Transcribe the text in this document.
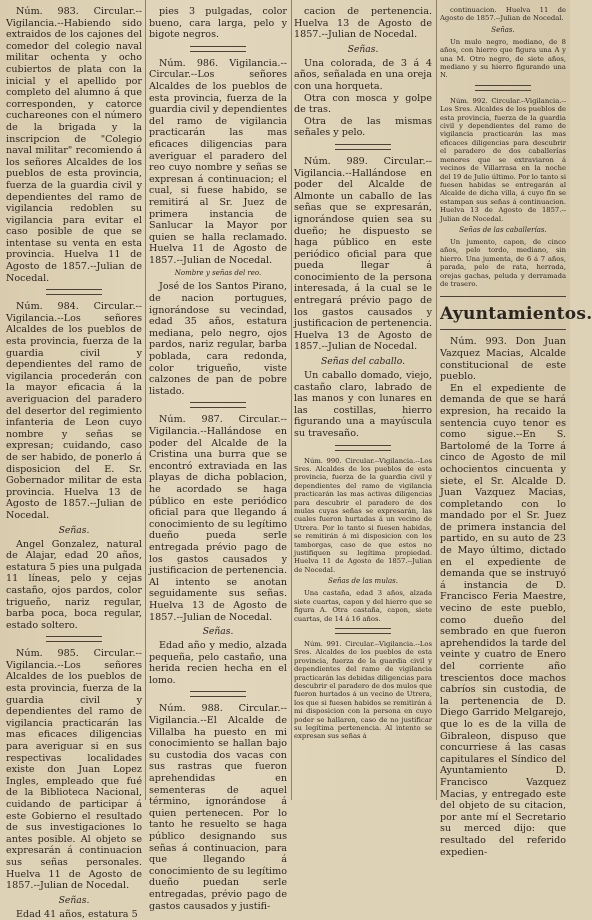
Núm. 983. Circular.--Vigilancia.--Habiendo sido extraidos de los cajones del comedor del colegio naval militar ochenta y ocho cubiertos de plata con la inicial y el apellido por completo del alumno á que corresponden, y catorce cuchareones con el número de la brigada y la inscripcion de "Colegio naval militar" recomiendo á los señores Alcaldes de los pueblos de esta provincia, fuerza de la guardia civil y dependientes del ramo de vigilancia redoblen su vigilancia para evitar el caso posible de que se intentase su venta en esta provincia. Huelva 11 de Agosto de 1857.--Julian de Nocedal.

Núm. 984. Circular.--Vigilancia.--Los señores Alcaldes de los pueblos de esta provincia, fuerza de la guardia civil y dependientes del ramo de vigilancia procederán con la mayor eficacia á la averiguacion del paradero del desertor del regimiento infanteria de Leon cuyo nombre y señas se expresan; cuidando, caso de ser habido, de ponerlo á disposicion del E. Sr. Gobernador militar de esta provincia. Huelva 13 de Agosto de 1857.--Julian de Nocedal.

Señas.

Angel Gonzalez, natural de Alajar, edad 20 años, estatura 5 pies una pulgada 11 líneas, pelo y cejas castaño, ojos pardos, color trigueño, nariz regular, barba poca, boca regular, estado soltero.

Núm. 985. Circular.--Vigilancia.--Los señores Alcaldes de los pueblos de esta provincia, fuerza de la guardia civil y dependientes del ramo de vigilancia practicarán las mas eficaces diligencias para averiguar si en sus respectivas localidades existe don Juan Lopez Ingles, empleado que fué de la Biblioteca Nacional, cuidando de participar á este Gobierno el resultado de sus investigaciones lo antes posible. Al objeto se expresarán á continuacion sus señas personales. Huelva 11 de Agosto de 1857.--Julian de Nocedal.

Señas.

Edad 41 años, estatura 5

pies 3 pulgadas, color bueno, cara larga, pelo y bigote negros.

Núm. 986. Vigilancia.--Circular.--Los señores Alcaldes de los pueblos de esta provincia, fuerza de la guardia civil y dependientes del ramo de vigilancia practicarán las mas eficaces diligencias para averiguar el paradero del reo cuyo nombre y señas se expresan á continuacion; el cual, si fuese habido, se remitirá al Sr. Juez de primera instancia de Sanlucar la Mayor por quien se halla reclamado. Huelva 11 de Agosto de 1857.--Julian de Nocedal.

Nombre y señas del reo.

José de los Santos Pirano, de nacion portugues, ignorándose su vecindad, edad 35 años, estatura mediana, pelo negro, ojos pardos, nariz regular, barba poblada, cara redonda, color trigueño, viste calzones de pan de pobre listado.

Núm. 987. Circular.--Vigilancia.--Hallándose en poder del Alcalde de la Cristina una burra que se encontró extraviada en las playas de dicha poblacion, he acordado se haga público en este periódico oficial para que llegando á conocimiento de su legítimo dueño pueda serle entregada prévio pago de los gastos causados y justificacion de pertenencia. Al intento se anotan seguidamente sus señas. Huelva 13 de Agosto de 1857.--Julian de Nocedal.

Señas.

Edad año y medio, alzada pequeña, pelo castaño, una herida recien hecha en el lomo.

Núm. 988. Circular.--Vigilancia.--El Alcalde de Villalba ha puesto en mi conocimiento se hallan bajo su custodia dos vacas con sus rastras que fueron aprehendidas en sementeras de aquel término, ignorándose á quien pertenecen. Por lo tanto he resuelto se haga público designando sus señas á continuacion, para que llegando á conocimiento de su legítimo dueño puedan serle entregadas, prévio pago de gastos causados y justifi-

cacion de pertenencia. Huelva 13 de Agosto de 1857.--Julian de Nocedal.

Señas.

Una colorada, de 3 á 4 años, señalada en una oreja con una horqueta.

Otra con mosca y golpe de tras.

Otra de las mismas señales y pelo.

Núm. 989. Circular.--Vigilancia.--Hallándose en poder del Alcalde de Almonte un caballo de las señas que se expresarán, ignorándose quien sea su dueño; he dispuesto se haga público en este periódico oficial para que pueda llegar á conocimiento de la persona interesada, á la cual se le entregará prévio pago de los gastos causados y justificacion de pertenencia. Huelva 13 de Agosto de 1857.--Julian de Nocedal.

Señas del caballo.

Un caballo domado, viejo, castaño claro, labrado de las manos y con lunares en las costillas, hierro figurando una a mayúscula su travesaño.

Núm. 990. Circular.--Vigilancia.--Los Sres. Alcaldes de los pueblos de esta provincia, fuerza de la guardia civil y dependientes del ramo de vigilancia practicarán las mas activas diligencias para descubrir el paradero de dos mulas cuyas señas se expresarán, las cuales fueron hurtadas á un vecino de Utrera. Por lo tanto si fuesen habidas, se remitirán á mi disposicion con los tamborgas, caso de que estos no justifiquen su legítima propiedad. Huelva 11 de Agosto de 1857.--Julian de Nocedal.

Señas de las mulas.

Una castaña, edad 3 años, alzada siete cuartas, capon y del hierro que se figura A. Otra castaña, capon, siete cuartas, de 14 á 16 años.

Núm. 991. Circular.--Vigilancia.--Los Sres. Alcaldes de los pueblos de esta provincia, fuerza de la guardia civil y dependientes del ramo de vigilancia practicarán las debidas diligencias para descubrir el paradero de dos mulos que fueron hurtados á un vecino de Utrera, los que si fuesen habidos se remitirán á mi disposicion con la persona en cuyo poder se hallaren, caso de no justificar su legítima pertenencia. Al intento se expresan sus señas á

continuacion. Huelva 11 de Agosto de 1857.--Julian de Nocedal.

Señas.

Un mulo negro, mediano, de 8 años, con hierro que figura una A y una M. Otro negro, de siete años, mediano y su hierro figurando una N.

Núm. 992. Circular.--Vigilancia.--Los Sres. Alcaldes de los pueblos de esta provincia, fuerza de la guardia civil y dependientes del ramo de vigilancia practicarán las mas eficaces diligencias para descubrir el paradero de dos caballerías menores que se extraviaron á vecinos de Villarrasa en la noche del 19 de Julio último. Por lo tanto si fuesen habidas se entregarán al Alcalde de dicha villa, á cuyo fin se estampan sus señas á continuacion. Huelva 13 de Agosto de 1857.--Julian de Nocedal.

Señas de las caballerías.

Un jumento, capon, de cinco años, pelo tordo, mediano, sin hierro. Una jumenta, de 6 á 7 años, parada, pelo de rata, herrada, orejas gachas, peluda y derramada de trasero.

Ayuntamientos.

Núm. 993. Don Juan Vazquez Macias, Alcalde constitucional de este pueblo.

En el expediente de demanda de que se hará expresion, ha recaido la sentencia cuyo tenor es como sigue.--En S. Bartolomé de la Torre á cinco de Agosto de mil ochocientos cincuenta y siete, el Sr. Alcalde D. Juan Vazquez Macias, completando con lo mandado por el Sr. Juez de primera instancia del partido, en su auto de 23 de Mayo último, dictado en el expediente de demanda que se instruyó á instancia de D. Francisco Feria Maestre, vecino de este pueblo, como dueño del sembrado en que fueron aprehendidos la tarde del veinte y cuatro de Enero del corriente año trescientos doce machos cabríos sin custodia, de la pertenencia de D. Diego Garrido Melgarejo, que lo es de la villa de Gibraleon, dispuso que concurriese á las casas capitulares el Síndico del Ayuntamiento D. Francisco Vazquez Macias, y entregado este del objeto de su citacion, por ante mí el Secretario su merced dijo: que resultado del referido expedien-
